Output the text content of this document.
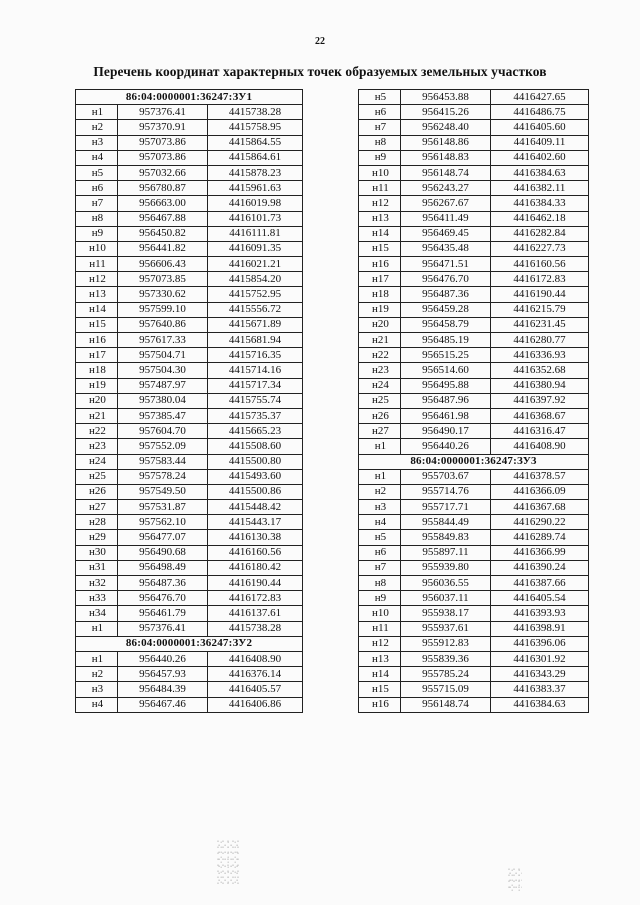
22
Перечень координат характерных точек образуемых земельных участков
86:04:0000001:36247:ЗУ1		
н1	957376.41	4415738.28
н2	957370.91	4415758.95
н3	957073.86	4415864.55
н4	957073.86	4415864.61
н5	957032.66	4415878.23
н6	956780.87	4415961.63
н7	956663.00	4416019.98
н8	956467.88	4416101.73
н9	956450.82	4416111.81
н10	956441.82	4416091.35
н11	956606.43	4416021.21
н12	957073.85	4415854.20
н13	957330.62	4415752.95
н14	957599.10	4415556.72
н15	957640.86	4415671.89
н16	957617.33	4415681.94
н17	957504.71	4415716.35
н18	957504.30	4415714.16
н19	957487.97	4415717.34
н20	957380.04	4415755.74
н21	957385.47	4415735.37
н22	957604.70	4415665.23
н23	957552.09	4415508.60
н24	957583.44	4415500.80
н25	957578.24	4415493.60
н26	957549.50	4415500.86
н27	957531.87	4415448.42
н28	957562.10	4415443.17
н29	956477.07	4416130.38
н30	956490.68	4416160.56
н31	956498.49	4416180.42
н32	956487.36	4416190.44
н33	956476.70	4416172.83
н34	956461.79	4416137.61
н1	957376.41	4415738.28
86:04:0000001:36247:ЗУ2		
н1	956440.26	4416408.90
н2	956457.93	4416376.14
н3	956484.39	4416405.57
н4	956467.46	4416406.86
н5	956453.88	4416427.65
н6	956415.26	4416486.75
н7	956248.40	4416405.60
н8	956148.86	4416409.11
н9	956148.83	4416402.60
н10	956148.74	4416384.63
н11	956243.27	4416382.11
н12	956267.67	4416384.33
н13	956411.49	4416462.18
н14	956469.45	4416282.84
н15	956435.48	4416227.73
н16	956471.51	4416160.56
н17	956476.70	4416172.83
н18	956487.36	4416190.44
н19	956459.28	4416215.79
н20	956458.79	4416231.45
н21	956485.19	4416280.77
н22	956515.25	4416336.93
н23	956514.60	4416352.68
н24	956495.88	4416380.94
н25	956487.96	4416397.92
н26	956461.98	4416368.67
н27	956490.17	4416316.47
н1	956440.26	4416408.90
86:04:0000001:36247:ЗУ3		
н1	955703.67	4416378.57
н2	955714.76	4416366.09
н3	955717.71	4416367.68
н4	955844.49	4416290.22
н5	955849.83	4416289.74
н6	955897.11	4416366.99
н7	955939.80	4416390.24
н8	956036.55	4416387.66
н9	956037.11	4416405.54
н10	955938.17	4416393.93
н11	955937.61	4416398.91
н12	955912.83	4416396.06
н13	955839.36	4416301.92
н14	955785.24	4416343.29
н15	955715.09	4416383.37
н16	956148.74	4416384.63
